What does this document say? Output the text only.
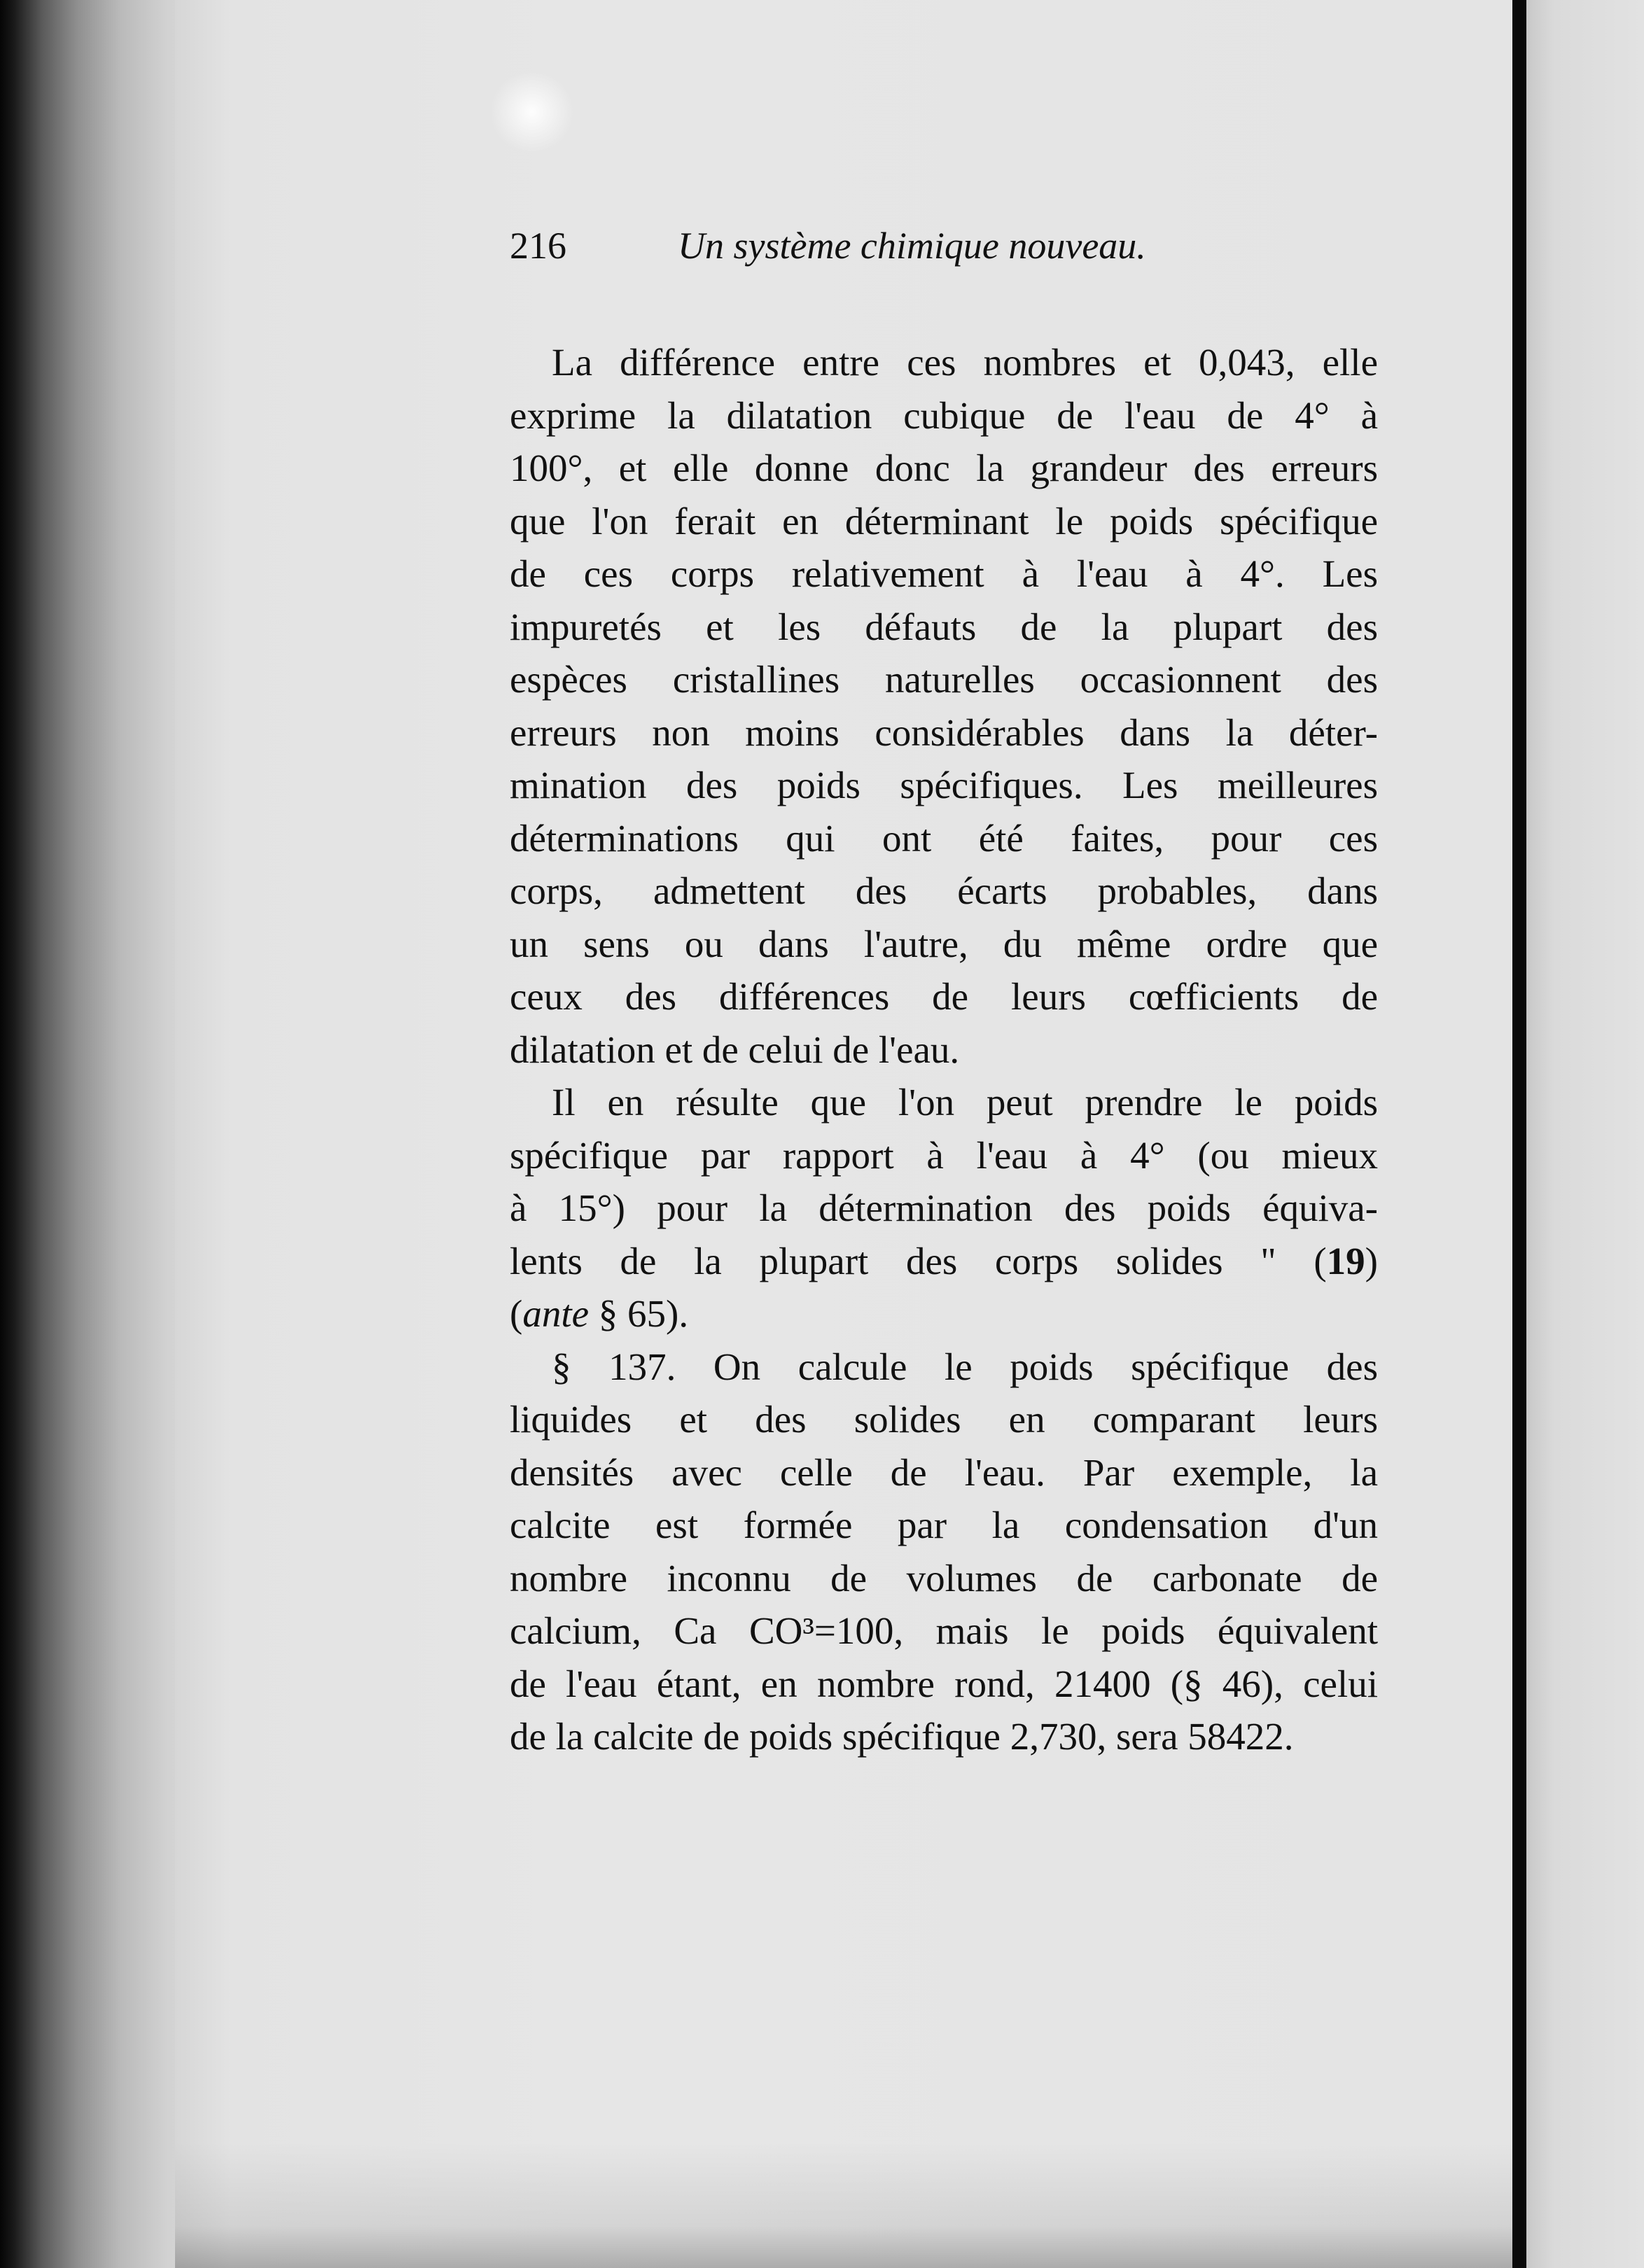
216	Un système chimique nouveau.

La différence entre ces nombres et 0,043, elle

exprime la dilatation cubique de l'eau de 4° à

100°, et elle donne donc la grandeur des erreurs

que l'on ferait en déterminant le poids spécifique

de ces corps relativement à l'eau à 4°. Les

impuretés et les défauts de la plupart des

espèces cristallines naturelles occasionnent des

erreurs non moins considérables dans la déter-

mination des poids spécifiques. Les meilleures

déterminations qui ont été faites, pour ces

corps, admettent des écarts probables, dans

un sens ou dans l'autre, du même ordre que

ceux des différences de leurs cœfficients de

dilatation et de celui de l'eau.

Il en résulte que l'on peut prendre le poids

spécifique par rapport à l'eau à 4° (ou mieux

à 15°) pour la détermination des poids équiva-

lents de la plupart des corps solides " (19)

(ante § 65).

§ 137. On calcule le poids spécifique des

liquides et des solides en comparant leurs

densités avec celle de l'eau. Par exemple, la

calcite est formée par la condensation d'un

nombre inconnu de volumes de carbonate de

calcium, Ca CO³=100, mais le poids équivalent

de l'eau étant, en nombre rond, 21400 (§ 46), celui

de la calcite de poids spécifique 2,730, sera 58422.
